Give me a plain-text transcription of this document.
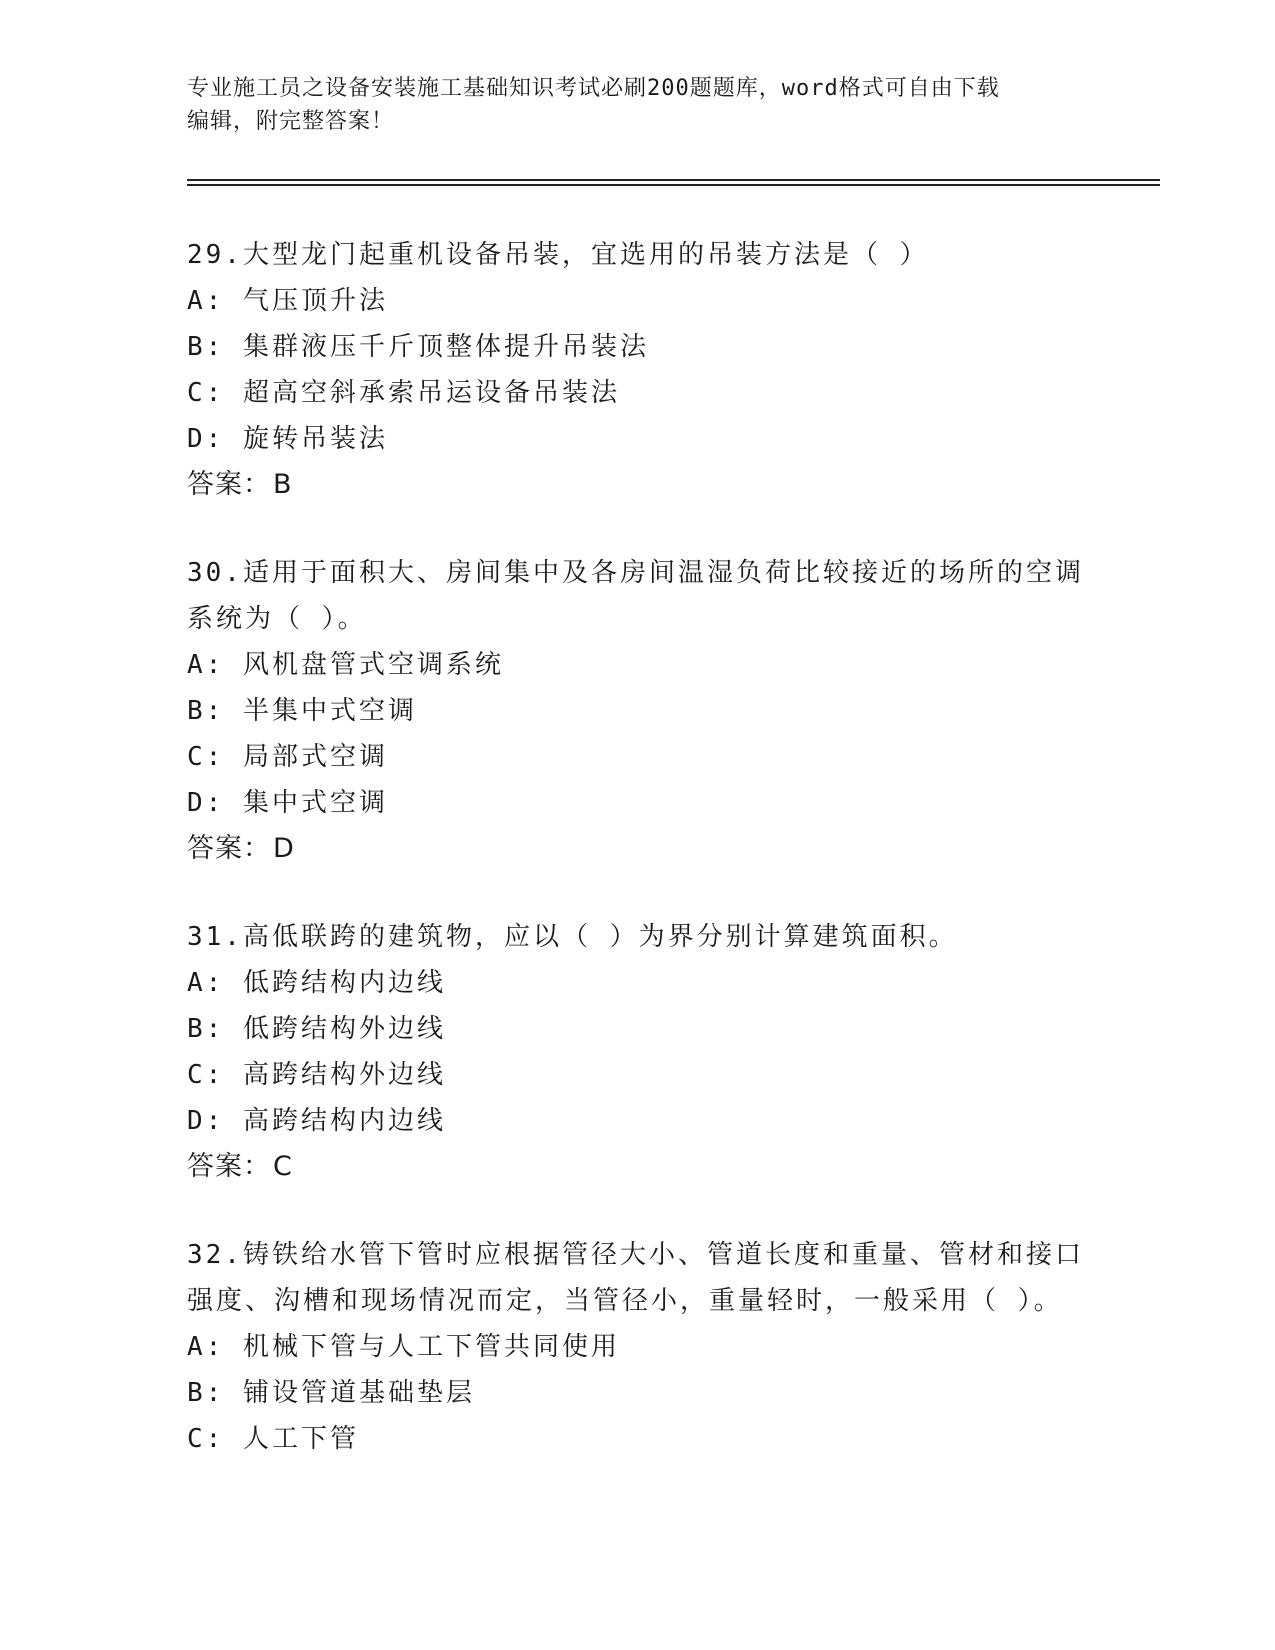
专业施工员之设备安装施工基础知识考试必刷200题题库，word格式可自由下载
编辑，附完整答案！
29.大型龙门起重机设备吊装，宜选用的吊装方法是（ ）
A: 气压顶升法
B: 集群液压千斤顶整体提升吊装法
C: 超高空斜承索吊运设备吊装法
D: 旋转吊装法
答案：B
30.适用于面积大、房间集中及各房间温湿负荷比较接近的场所的空调
系统为（ ）。
A: 风机盘管式空调系统
B: 半集中式空调
C: 局部式空调
D: 集中式空调
答案：D
31.高低联跨的建筑物，应以（ ）为界分别计算建筑面积。
A: 低跨结构内边线
B: 低跨结构外边线
C: 高跨结构外边线
D: 高跨结构内边线
答案：C
32.铸铁给水管下管时应根据管径大小、管道长度和重量、管材和接口
强度、沟槽和现场情况而定，当管径小，重量轻时，一般采用（ ）。
A: 机械下管与人工下管共同使用
B: 铺设管道基础垫层
C: 人工下管
